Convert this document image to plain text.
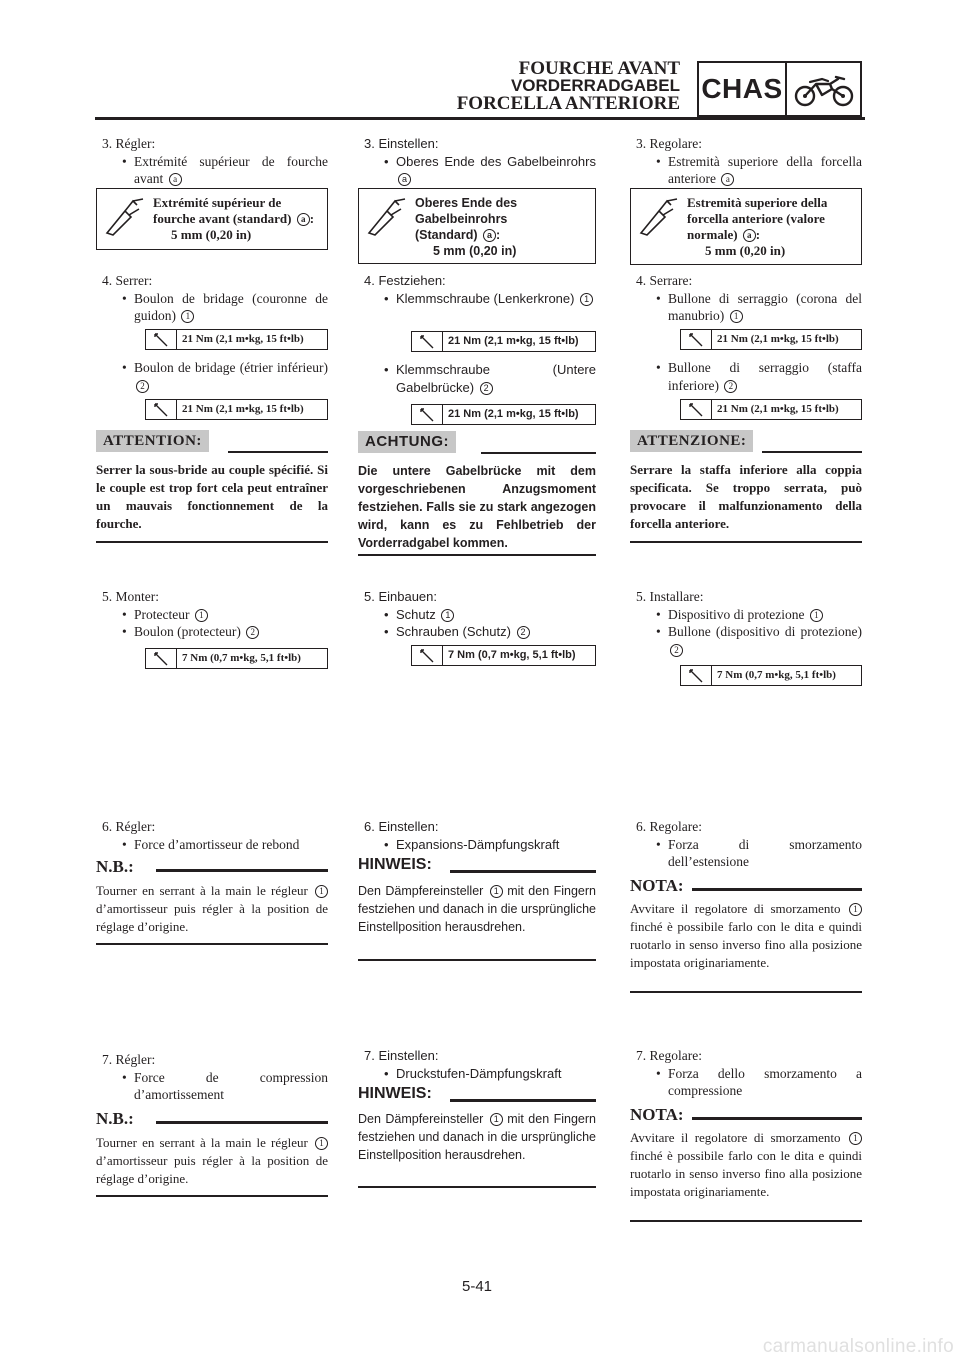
FOURCHE AVANT
VORDERRADGABEL
FORCELLA ANTERIORE CHAS
3. Régler:
• Extrémité supérieur de fourche avant a
Extrémité supérieur de
fourche avant (standard) a :
5 mm (0,20 in)
4. Serrer:
• Boulon de bridage (couronne de guidon) 1
21 Nm (2,1 m•kg, 15 ft•lb)
• Boulon de bridage (étrier inférieur) 2
21 Nm (2,1 m•kg, 15 ft•lb)
ATTENTION:
Serrer la sous-bride au couple spécifié. Si le couple est trop fort cela peut entraîner un mauvais fonctionnement de la fourche.
5. Monter:
• Protecteur 1
• Boulon (protecteur) 2
7 Nm (0,7 m•kg, 5,1 ft•lb)
6. Régler:
• Force d’amortisseur de rebond
N.B.:
Tourner en serrant à la main le régleur 1 d’amortisseur puis régler à la position de réglage d’origine.
7. Régler:
• Force de compression d’amortissement
N.B.:
Tourner en serrant à la main le régleur 1 d’amortisseur puis régler à la position de réglage d’origine.
3. Einstellen:
• Oberes Ende des Gabelbeinrohrs a
Oberes Ende des
Gabelbeinrohrs
(Standard) a :
5 mm (0,20 in)
4. Festziehen:
• Klemmschraube (Lenkerkrone) 1
21 Nm (2,1 m•kg, 15 ft•lb)
• Klemmschraube (Untere Gabelbrücke) 2
21 Nm (2,1 m•kg, 15 ft•lb)
ACHTUNG:
Die untere Gabelbrücke mit dem vorgeschriebenen Anzugsmoment festziehen. Falls sie zu stark angezogen wird, kann es zu Fehlbetrieb der Vorderradgabel kommen.
5. Einbauen:
• Schutz 1
• Schrauben (Schutz) 2
7 Nm (0,7 m•kg, 5,1 ft•lb)
6. Einstellen:
• Expansions-Dämpfungskraft
HINWEIS:
Den Dämpfereinsteller 1 mit den Fingern festziehen und danach in die ursprüngliche Einstellposition herausdrehen.
7. Einstellen:
• Druckstufen-Dämpfungskraft
HINWEIS:
Den Dämpfereinsteller 1 mit den Fingern festziehen und danach in die ursprüngliche Einstellposition herausdrehen.
3. Regolare:
• Estremità superiore della forcella anteriore a
Estremità superiore della
forcella anteriore (valore
normale) a :
5 mm (0,20 in)
4. Serrare:
• Bullone di serraggio (corona del manubrio) 1
21 Nm (2,1 m•kg, 15 ft•lb)
• Bullone di serraggio (staffa inferiore) 2
21 Nm (2,1 m•kg, 15 ft•lb)
ATTENZIONE:
Serrare la staffa inferiore alla coppia specificata. Se troppo serrata, può provocare il malfunzionamento della forcella anteriore.
5. Installare:
• Dispositivo di protezione 1
• Bullone (dispositivo di protezione) 2
7 Nm (0,7 m•kg, 5,1 ft•lb)
6. Regolare:
• Forza di smorzamento dell’estensione
NOTA:
Avvitare il regolatore di smorzamento 1 finché è possibile farlo con le dita e quindi ruotarlo in senso inverso fino alla posizione impostata originariamente.
7. Regolare:
• Forza dello smorzamento a compressione
NOTA:
Avvitare il regolatore di smorzamento 1 finché è possibile farlo con le dita e quindi ruotarlo in senso inverso fino alla posizione impostata originariamente.
5-41
carmanualsonline.info
